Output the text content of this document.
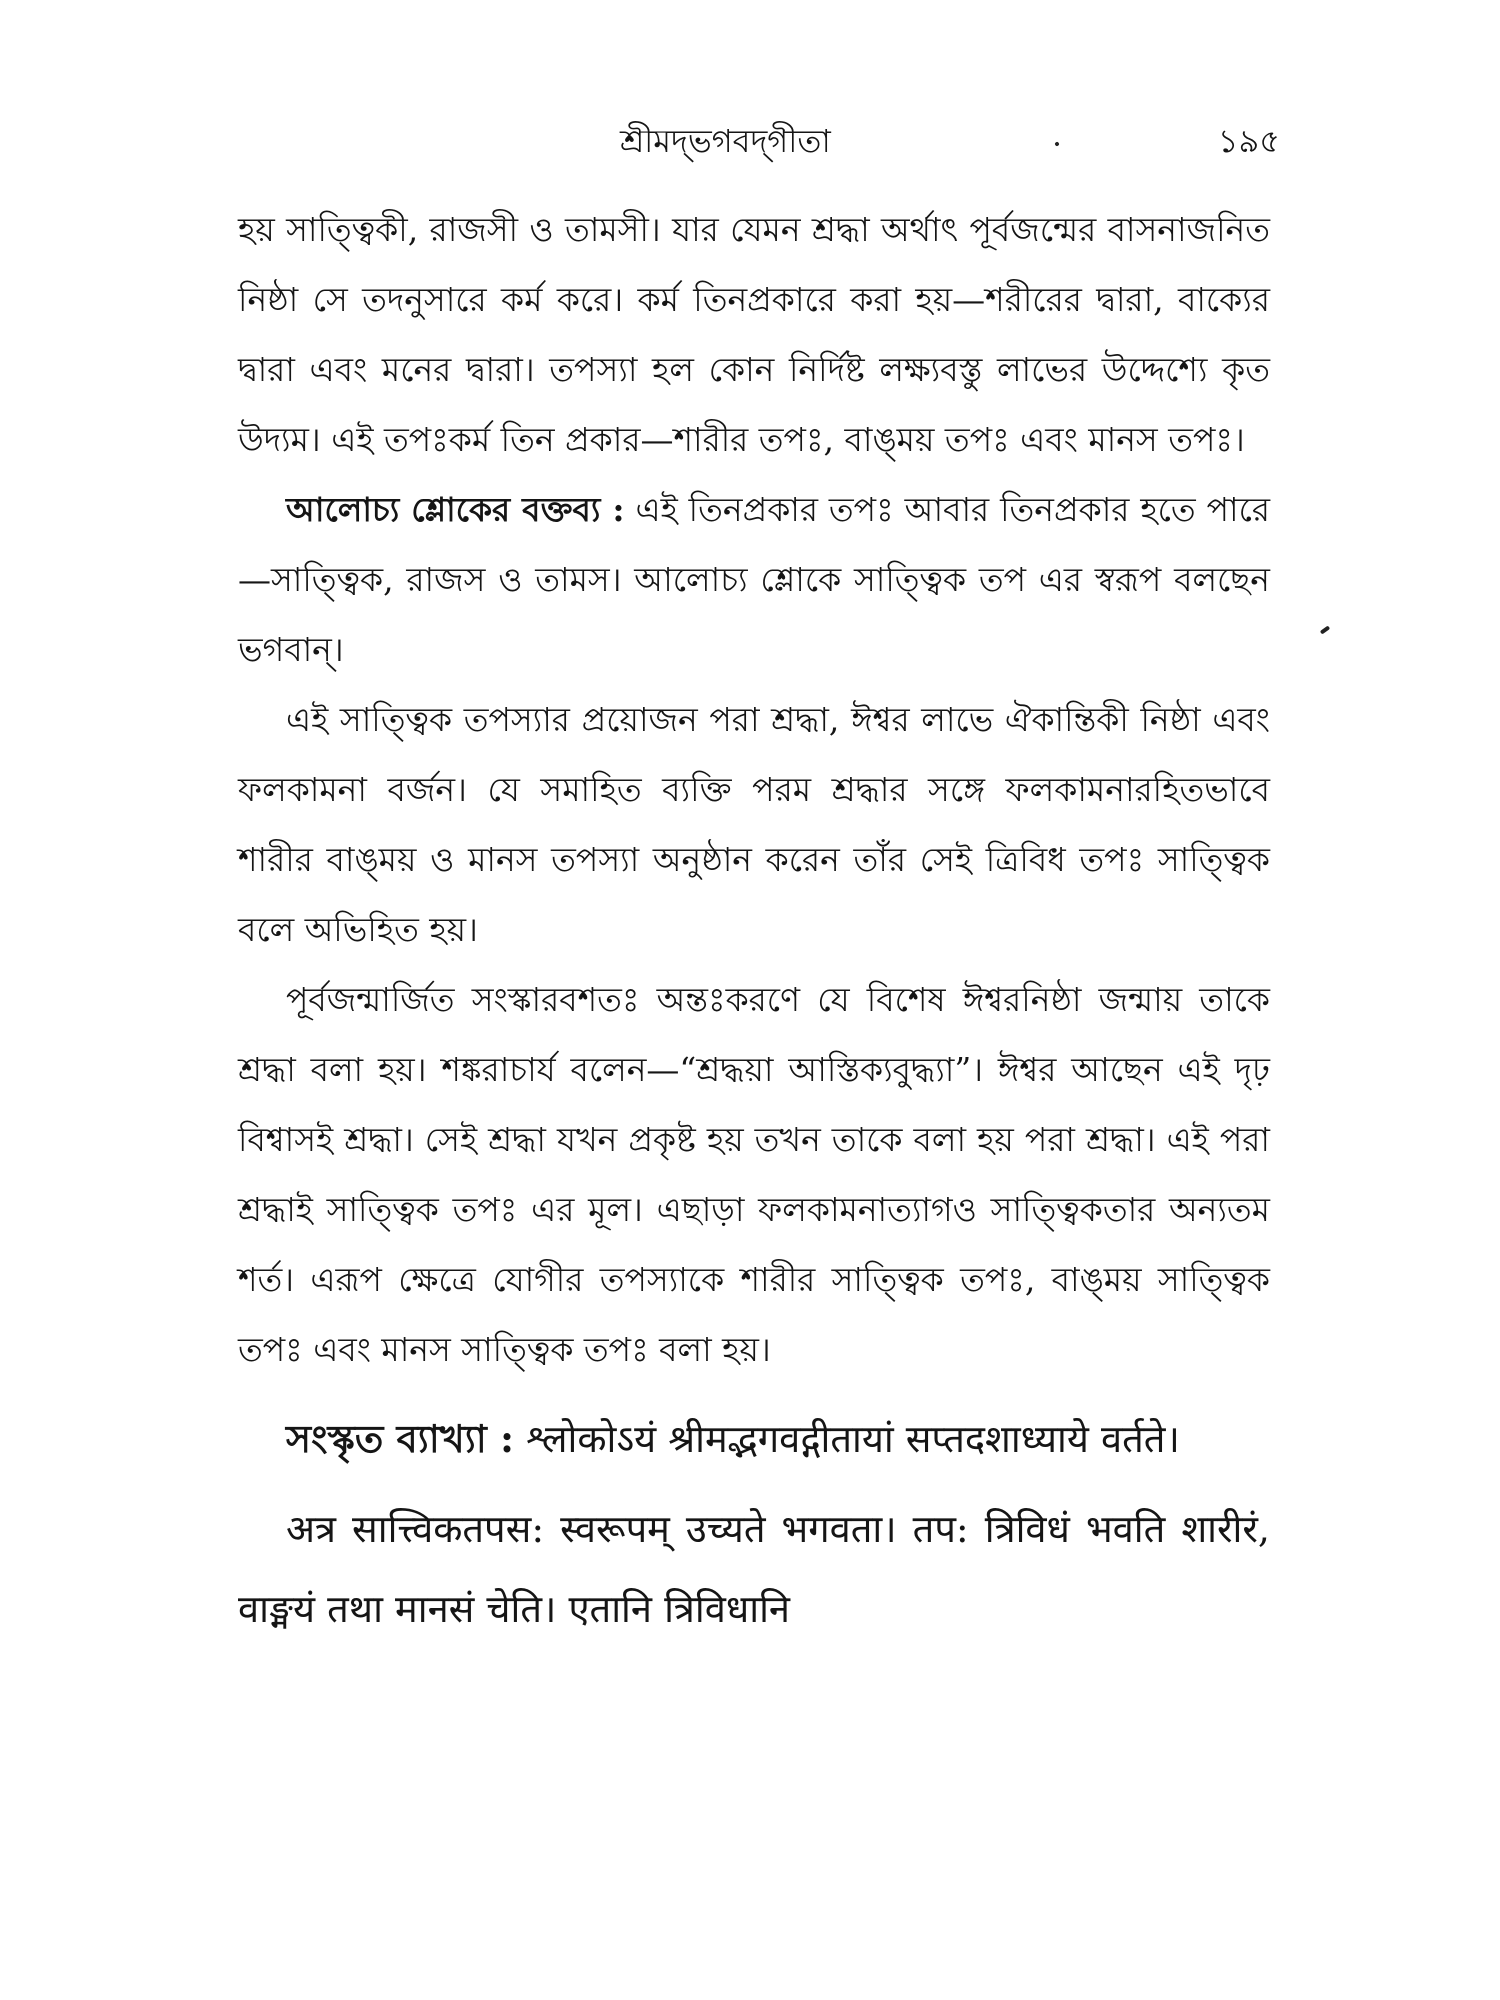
শ্রীমদ্‌ভগবদ্‌গীতা	১৯৫

হয় সাত্ত্বিকী, রাজসী ও তামসী। যার যেমন শ্রদ্ধা অর্থাৎ পূর্বজন্মের বাসনাজনিত নিষ্ঠা সে তদনুসারে কর্ম করে। কর্ম তিনপ্রকারে করা হয়—শরীরের দ্বারা, বাক্যের দ্বারা এবং মনের দ্বারা। তপস্যা হল কোন নির্দিষ্ট লক্ষ্যবস্তু লাভের উদ্দেশ্যে কৃত উদ্যম। এই তপঃকর্ম তিন প্রকার—শারীর তপঃ, বাঙ্‌ময় তপঃ এবং মানস তপঃ।

আলোচ্য শ্লোকের বক্তব্য : এই তিনপ্রকার তপঃ আবার তিনপ্রকার হতে পারে—সাত্ত্বিক, রাজস ও তামস। আলোচ্য শ্লোকে সাত্ত্বিক তপ এর স্বরূপ বলছেন ভগবান্‌।

এই সাত্ত্বিক তপস্যার প্রয়োজন পরা শ্রদ্ধা, ঈশ্বর লাভে ঐকান্তিকী নিষ্ঠা এবং ফলকামনা বর্জন। যে সমাহিত ব্যক্তি পরম শ্রদ্ধার সঙ্গে ফলকামনারহিতভাবে শারীর বাঙ্‌ময় ও মানস তপস্যা অনুষ্ঠান করেন তাঁর সেই ত্রিবিধ তপঃ সাত্ত্বিক বলে অভিহিত হয়।

পূর্বজন্মার্জিত সংস্কারবশতঃ অন্তঃকরণে যে বিশেষ ঈশ্বরনিষ্ঠা জন্মায় তাকে শ্রদ্ধা বলা হয়। শঙ্করাচার্য বলেন—“শ্রদ্ধয়া আস্তিক্যবুদ্ধ্যা”। ঈশ্বর আছেন এই দৃঢ় বিশ্বাসই শ্রদ্ধা। সেই শ্রদ্ধা যখন প্রকৃষ্ট হয় তখন তাকে বলা হয় পরা শ্রদ্ধা। এই পরা শ্রদ্ধাই সাত্ত্বিক তপঃ এর মূল। এছাড়া ফলকামনাত্যাগও সাত্ত্বিকতার অন্যতম শর্ত। এরূপ ক্ষেত্রে যোগীর তপস্যাকে শারীর সাত্ত্বিক তপঃ, বাঙ্‌ময় সাত্ত্বিক তপঃ এবং মানস সাত্ত্বিক তপঃ বলা হয়।

সংস্কৃত ব্যাখ্যা : श्लोकोऽयं श्रीमद्भगवद्गीतायां सप्तदशाध्याये वर्तते।

अत्र सात्त्विकतपस: स्वरूपम् उच्यते भगवता। तप: त्रिविधं भवति शारीरं, वाङ्मयं तथा मानसं चेति। एतानि त्रिविधानि
